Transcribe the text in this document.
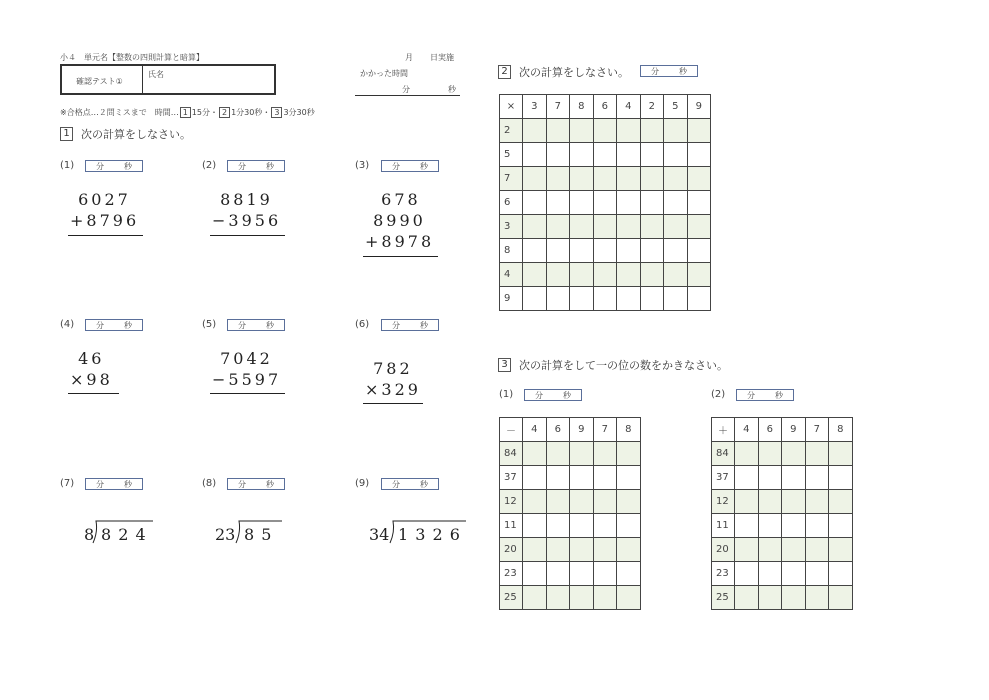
小４　単元名【整数の四則計算と暗算】	月 日実施
かかった時間
分	秒
確認テスト①
氏名
※合格点…２問ミスまで　時間… 1 15分・ 2 1分30秒・ 3 3分30秒
1	次の計算をしなさい。
(1)	分	秒
6027
+8796
(2)	分	秒
8819
−3956
(3)	分	秒
678
8990
+8978
(4)	分	秒
46
×98
(5)	分	秒
7042
−5597
(6)	分	秒
782
×329
(7)	分	秒
8 8 2 4
(8)	分	秒
23 8 5
(9)	分	秒
34 1 3 2 6
2	次の計算をしなさい。	分	秒
×	3	7	8	6	4	2	5	9
2								
5								
7								
6								
3								
8								
4								
9								
3	次の計算をして一の位の数をかきなさい。
(1)	分	秒
－	4	6	9	7	8
84					
37					
12					
11					
20					
23					
25					
(2)	分	秒
＋	4	6	9	7	8
84					
37					
12					
11					
20					
23					
25					
